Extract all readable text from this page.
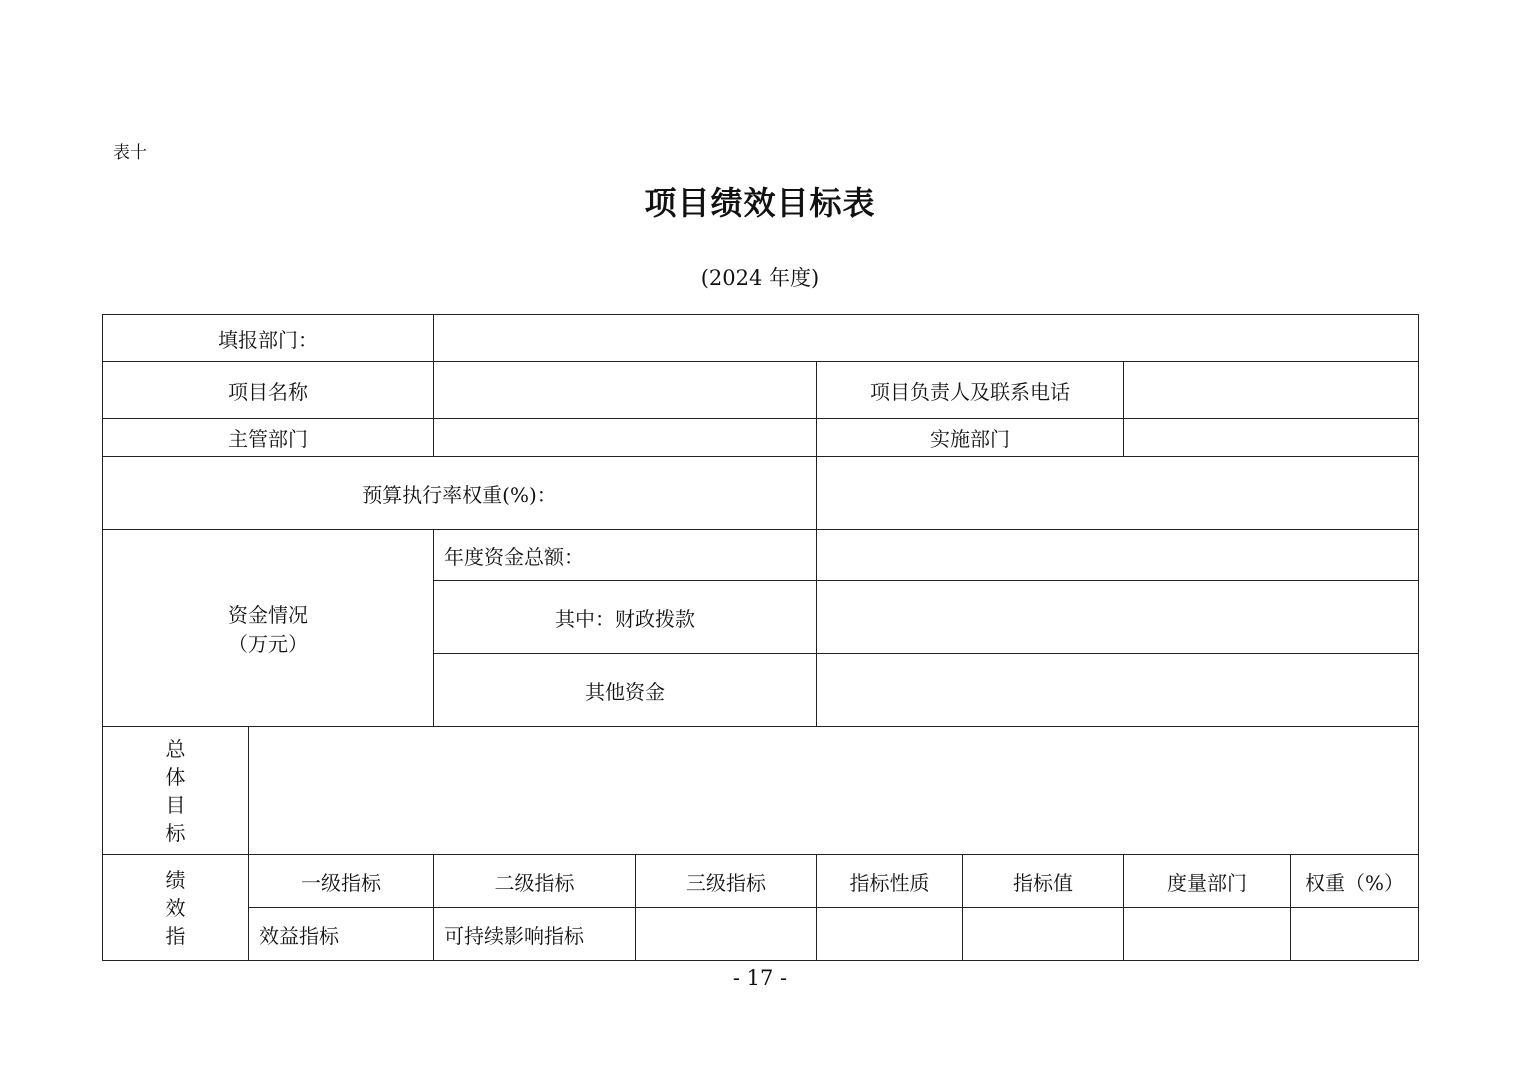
表十
项目绩效目标表
(2024 年度)
填报部门：							
项目名称				项目负责人及联系电话			
主管部门				实施部门			
预算执行率权重(%)：							

资金情况
（万元）		年度资金总额：					
		其中：财政拨款					
		其他资金					

总
体
目
标							

绩
效
指	一级指标	二级指标	三级指标	指标性质	指标值	度量部门	权重（%）
	效益指标	可持续影响指标					
- 17 -
